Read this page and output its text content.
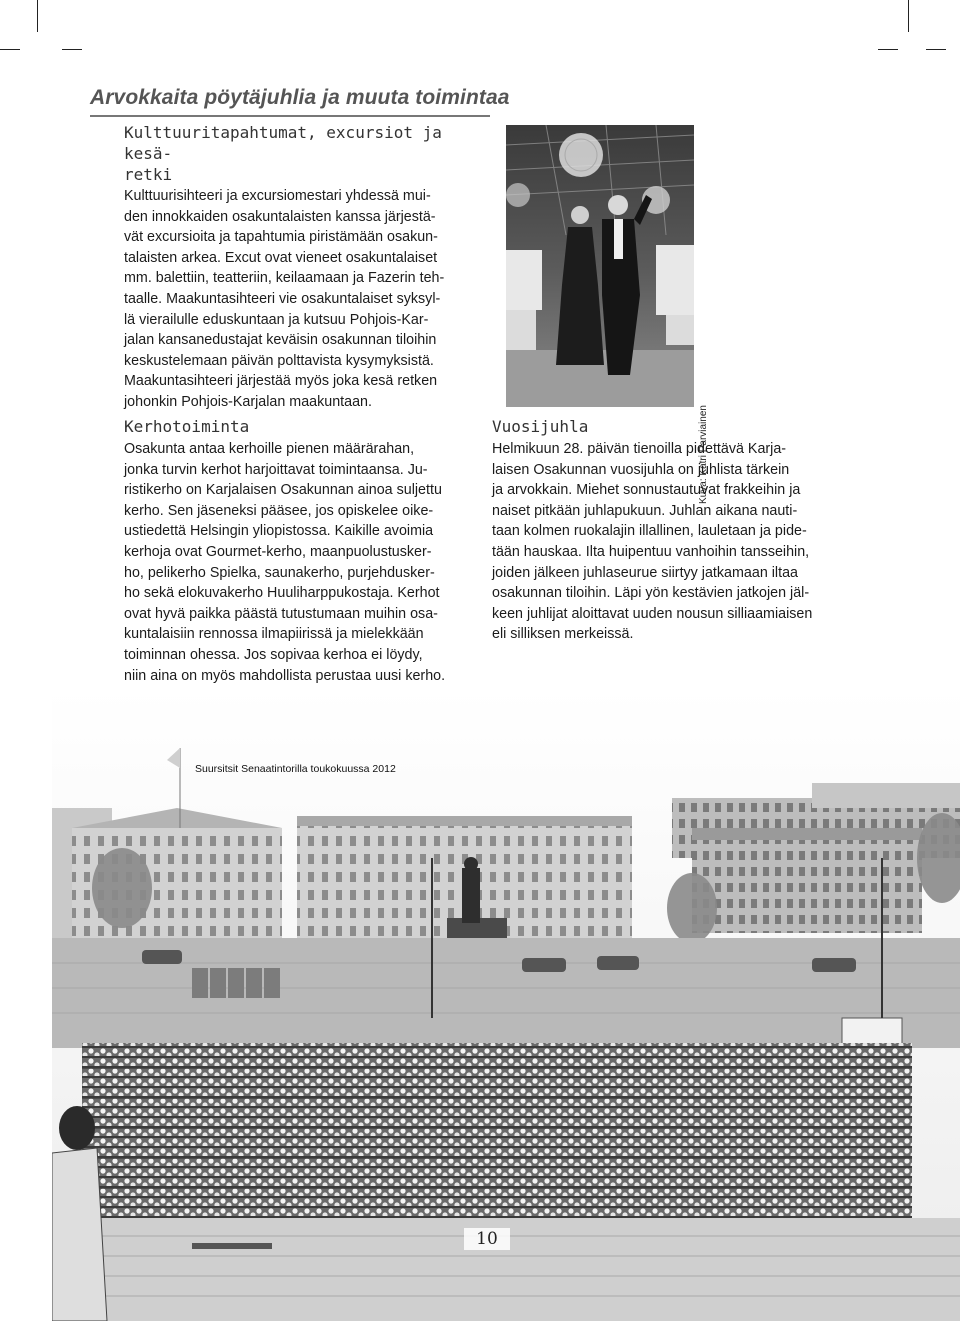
Arvokkaita pöytäjuhlia ja muuta toimintaa
Kulttuuritapahtumat, excursiot ja kesä-
retki

Kulttuurisihteeri ja excursiomestari yhdessä mui-
den innokkaiden osakuntalaisten kanssa järjestä-
vät excursioita ja tapahtumia piristämään osakun-
talaisten arkea. Excut ovat vieneet osakuntalaiset
mm. balettiin, teatteriin, keilaamaan ja Fazerin teh-
taalle. Maakuntasihteeri vie osakuntalaiset syksyl-
lä vierailulle eduskuntaan ja kutsuu Pohjois-Kar-
jalan kansanedustajat keväisin osakunnan tiloihin
keskustelemaan päivän polttavista kysymyksistä.
Maakuntasihteeri järjestää myös joka kesä retken
johonkin Pohjois-Karjalan maakuntaan.

Kerhotoiminta

Osakunta antaa kerhoille pienen määrärahan,
jonka turvin kerhot harjoittavat toimintaansa. Ju-
ristikerho on Karjalaisen Osakunnan ainoa suljettu
kerho. Sen jäseneksi pääsee, jos opiskelee oike-
ustiedettä Helsingin yliopistossa. Kaikille avoimia
kerhoja ovat Gourmet-kerho, maanpuolustusker-
ho, pelikerho Spielka, saunakerho, purjehdusker-
ho sekä elokuvakerho Huuliharppukostaja. Kerhot
ovat hyvä paikka päästä tutustumaan muihin osa-
kuntalaisiin rennossa ilmapiirissä ja mielekkään
toiminnan ohessa. Jos sopivaa kerhoa ei löydy,
niin aina on myös mahdollista perustaa uusi kerho.

Vuosijuhla

Helmikuun 28. päivän tienoilla pidettävä Karja-
laisen Osakunnan vuosijuhla on juhlista tärkein
ja arvokkain. Miehet sonnustautuvat frakkeihin ja
naiset pitkään juhlapukuun. Juhlan aikana nauti-
taan kolmen ruokalajin illallinen, lauletaan ja pide-
tään hauskaa. Ilta huipentuu vanhoihin tansseihin,
joiden jälkeen juhlaseurue siirtyy jatkamaan iltaa
osakunnan tiloihin. Läpi yön kestävien jatkojen jäl-
keen juhlijat aloittavat uuden nousun silliaamiaisen
eli silliksen merkeissä.

Kuva: Katri Parviainen
Suursitsit Senaatintorilla toukokuussa 2012
10
